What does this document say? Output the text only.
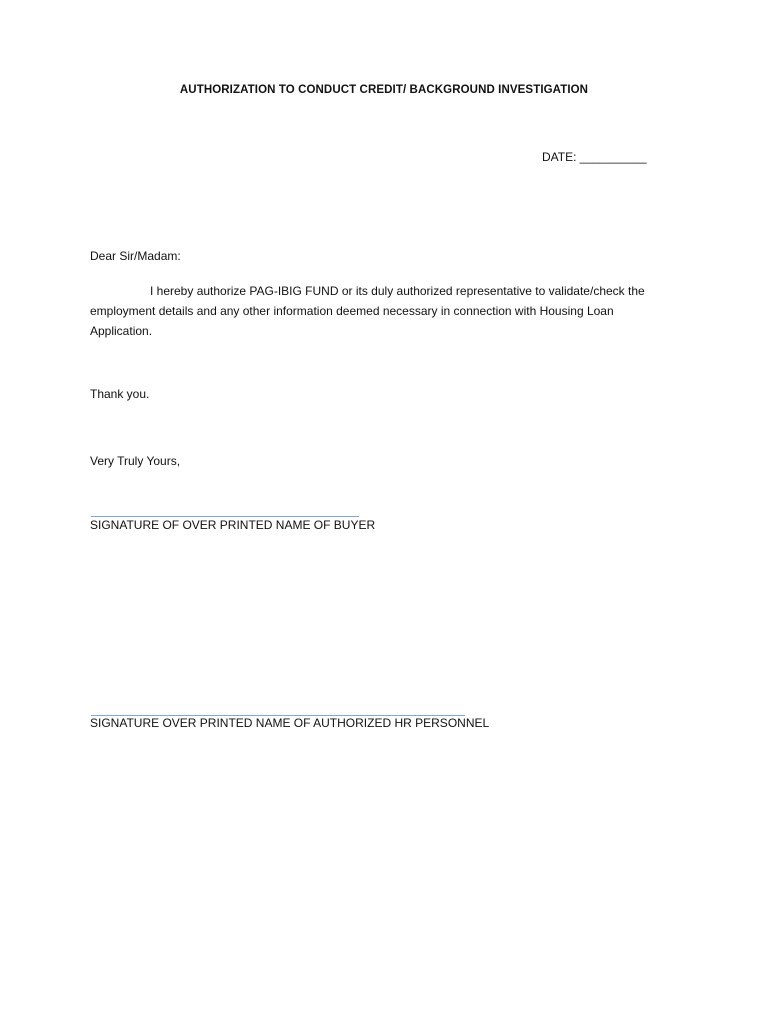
AUTHORIZATION TO CONDUCT CREDIT/ BACKGROUND INVESTIGATION
DATE: __________
Dear Sir/Madam:
I hereby authorize PAG-IBIG FUND or its duly authorized representative to validate/check the employment details and any other information deemed necessary in connection with Housing Loan Application.
Thank you.
Very Truly Yours,
SIGNATURE OF OVER PRINTED NAME OF BUYER
SIGNATURE OVER PRINTED NAME OF AUTHORIZED HR PERSONNEL
